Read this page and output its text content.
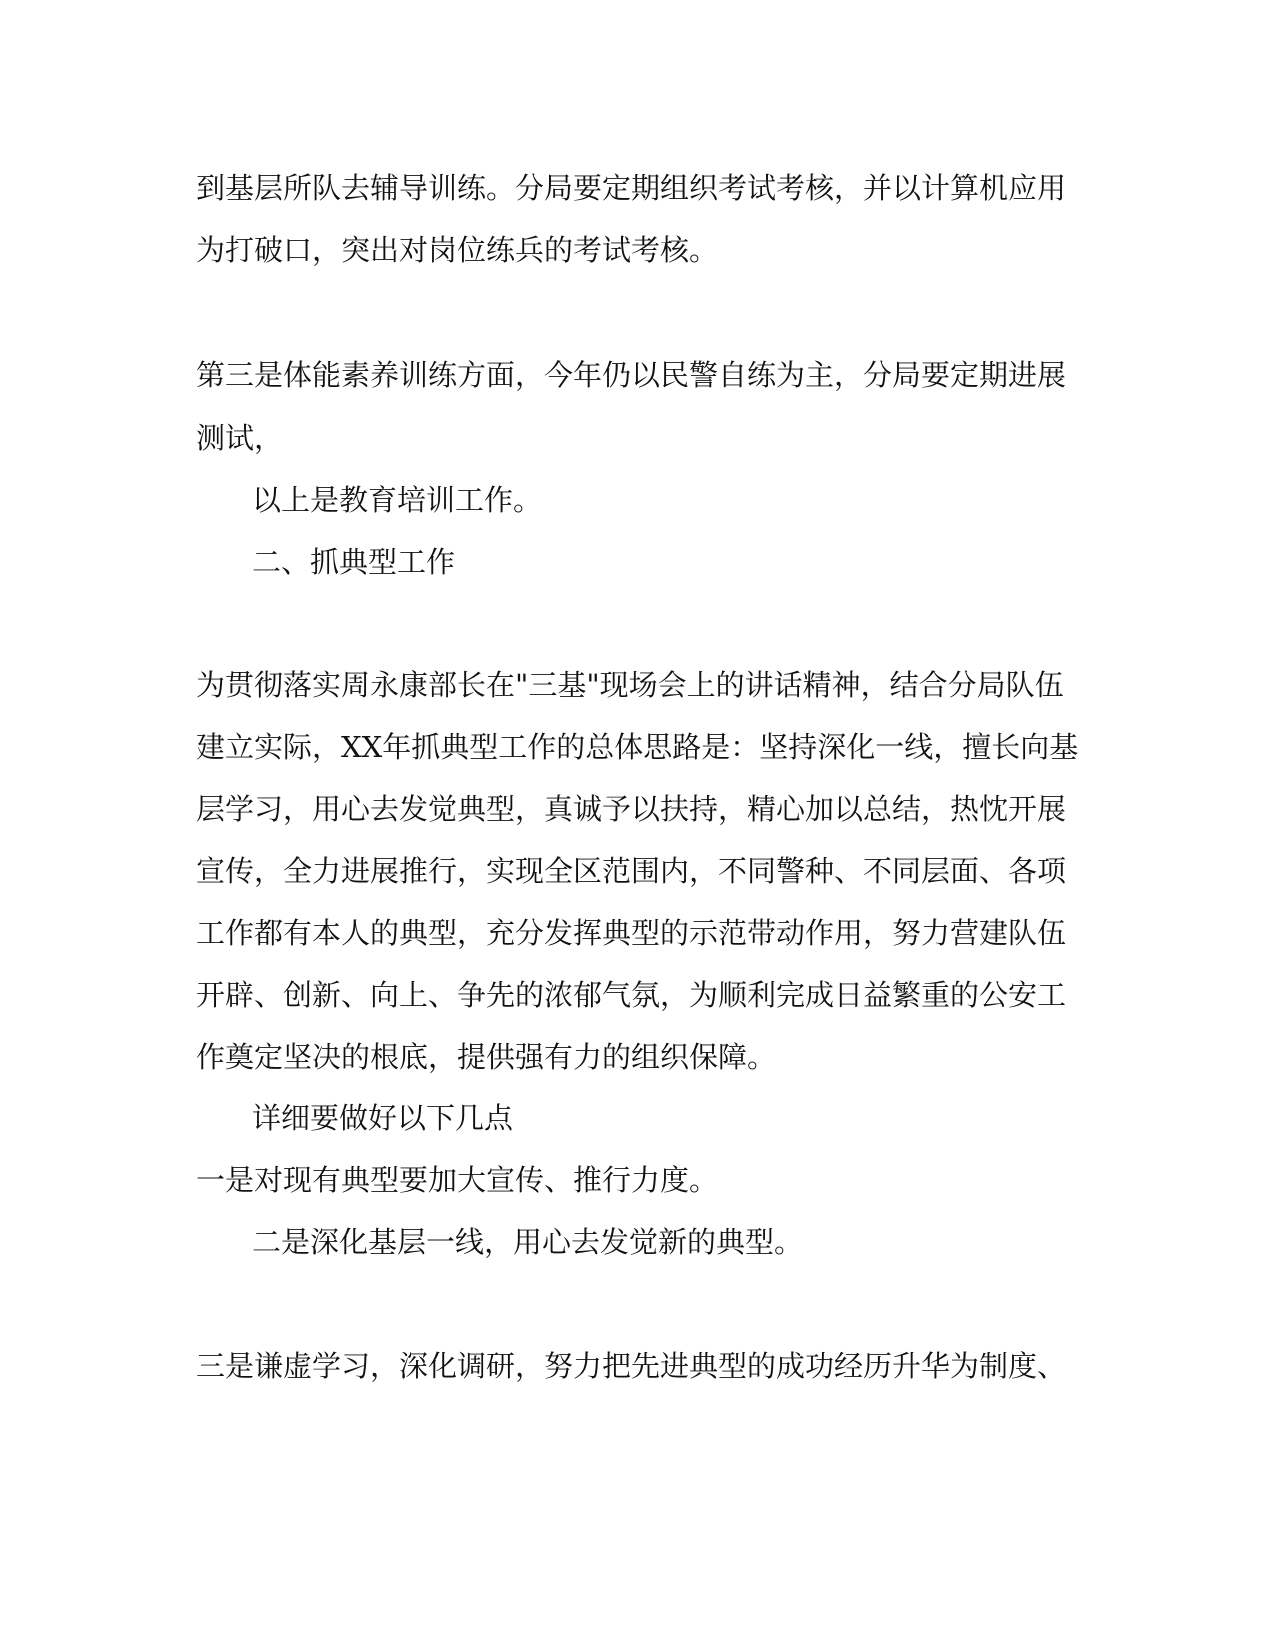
到基层所队去辅导训练。分局要定期组织考试考核，并以计算机应用

为打破口，突出对岗位练兵的考试考核。

第三是体能素养训练方面，今年仍以民警自练为主，分局要定期进展

测试，

以上是教育培训工作。

二、抓典型工作

为贯彻落实周永康部长在"三基"现场会上的讲话精神，结合分局队伍

建立实际，XX年抓典型工作的总体思路是：坚持深化一线，擅长向基

层学习，用心去发觉典型，真诚予以扶持，精心加以总结，热忱开展

宣传，全力进展推行，实现全区范围内，不同警种、不同层面、各项

工作都有本人的典型，充分发挥典型的示范带动作用，努力营建队伍

开辟、创新、向上、争先的浓郁气氛，为顺利完成日益繁重的公安工

作奠定坚决的根底，提供强有力的组织保障。

详细要做好以下几点

一是对现有典型要加大宣传、推行力度。

二是深化基层一线，用心去发觉新的典型。

三是谦虚学习，深化调研，努力把先进典型的成功经历升华为制度、
